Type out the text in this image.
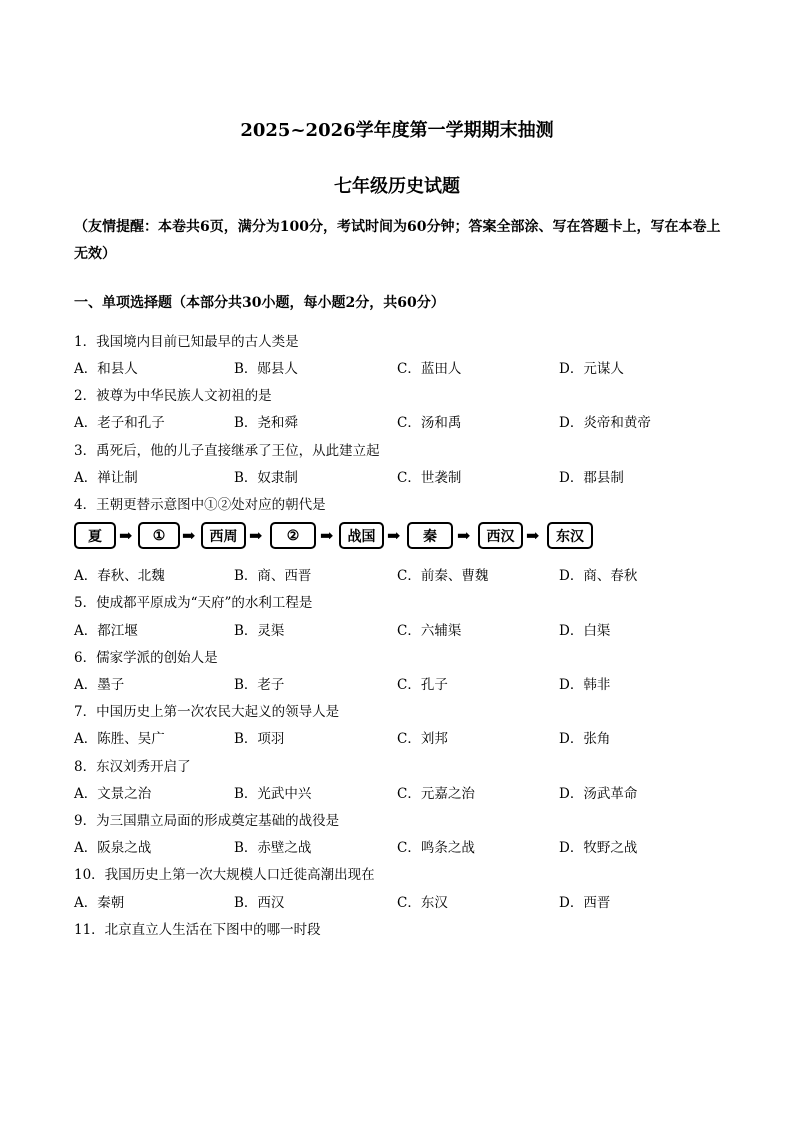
2025~2026学年度第一学期期末抽测
七年级历史试题
（友情提醒：本卷共6页，满分为100分，考试时间为60分钟；答案全部涂、写在答题卡上，写在本卷上无效）
一、单项选择题（本部分共30小题，每小题2分，共60分）
1．我国境内目前已知最早的古人类是
A．和县人	B．郧县人	C．蓝田人	D．元谋人
2．被尊为中华民族人文初祖的是
A．老子和孔子	B．尧和舜	C．汤和禹	D．炎帝和黄帝
3．禹死后，他的儿子直接继承了王位，从此建立起
A．禅让制	B．奴隶制	C．世袭制	D．郡县制
4．王朝更替示意图中①②处对应的朝代是
夏	➡	①	➡	西周 ➡	②	➡	战国 ➡	秦	➡	西汉 ➡	东汉
A．春秋、北魏	B．商、西晋	C．前秦、曹魏	D．商、春秋
5．使成都平原成为“天府”的水利工程是
A．都江堰	B．灵渠	C．六辅渠	D．白渠
6．儒家学派的创始人是
A．墨子	B．老子	C．孔子	D．韩非
7．中国历史上第一次农民大起义的领导人是
A．陈胜、吴广	B．项羽	C．刘邦	D．张角
8．东汉刘秀开启了
A．文景之治	B．光武中兴	C．元嘉之治	D．汤武革命
9．为三国鼎立局面的形成奠定基础的战役是
A．阪泉之战	B．赤壁之战	C．鸣条之战	D．牧野之战
10．我国历史上第一次大规模人口迁徙高潮出现在
A．秦朝	B．西汉	C．东汉	D．西晋
11．北京直立人生活在下图中的哪一时段
